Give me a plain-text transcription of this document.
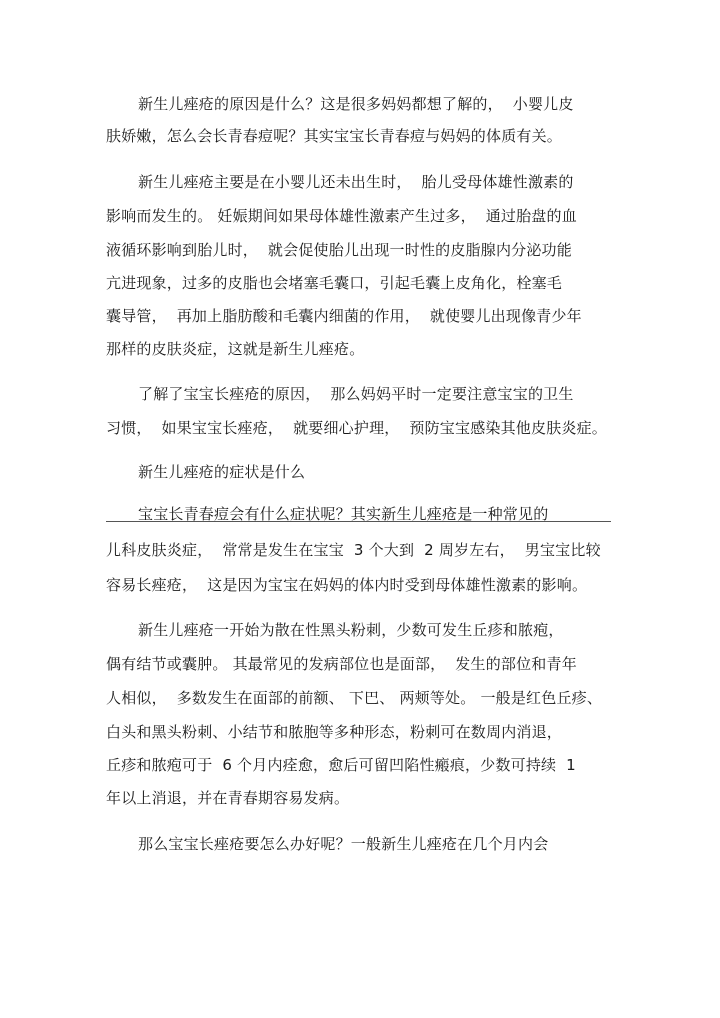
新生儿痤疮的原因是什么？这是很多妈妈都想了解的，  小婴儿皮
肤娇嫩，怎么会长青春痘呢？其实宝宝长青春痘与妈妈的体质有关。
新生儿痤疮主要是在小婴儿还未出生时，  胎儿受母体雄性激素的
影响而发生的。 妊娠期间如果母体雄性激素产生过多，  通过胎盘的血
液循环影响到胎儿时，  就会促使胎儿出现一时性的皮脂腺内分泌功能
亢进现象，过多的皮脂也会堵塞毛囊口，引起毛囊上皮角化，栓塞毛
囊导管，  再加上脂肪酸和毛囊内细菌的作用，  就使婴儿出现像青少年
那样的皮肤炎症，这就是新生儿痤疮。
了解了宝宝长痤疮的原因，  那么妈妈平时一定要注意宝宝的卫生
习惯，  如果宝宝长痤疮，  就要细心护理，  预防宝宝感染其他皮肤炎症。
新生儿痤疮的症状是什么
宝宝长青春痘会有什么症状呢？其实新生儿痤疮是一种常见的
儿科皮肤炎症，  常常是发生在宝宝  3 个大到  2 周岁左右，  男宝宝比较
容易长痤疮，  这是因为宝宝在妈妈的体内时受到母体雄性激素的影响。
新生儿痤疮一开始为散在性黑头粉刺，少数可发生丘疹和脓疱，
偶有结节或囊肿。 其最常见的发病部位也是面部，  发生的部位和青年
人相似，  多数发生在面部的前额、 下巴、 两颊等处。 一般是红色丘疹、
白头和黑头粉刺、小结节和脓胞等多种形态，粉刺可在数周内消退，
丘疹和脓疱可于  6 个月内痊愈，愈后可留凹陷性瘢痕，少数可持续  1
年以上消退，并在青春期容易发病。
那么宝宝长痤疮要怎么办好呢？一般新生儿痤疮在几个月内会
